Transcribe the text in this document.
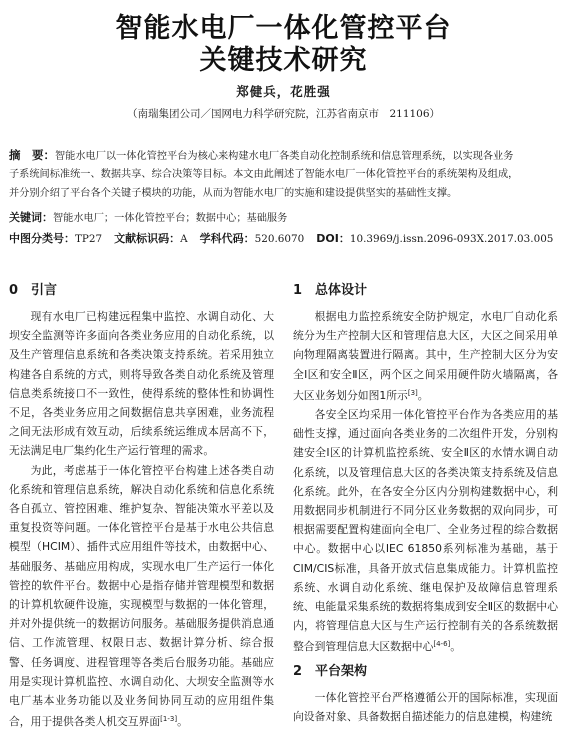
智能水电厂一体化管控平台
关键技术研究
郑健兵，花胜强
（南瑞集团公司／国网电力科学研究院，江苏省南京市　211106）
摘　要：智能水电厂以一体化管控平台为核心来构建水电厂各类自动化控制系统和信息管理系统，以实现各业务
子系统间标准统一、数据共享、综合决策等目标。本文由此阐述了智能水电厂一体化管控平台的系统架构及组成，
并分别介绍了平台各个关键子模块的功能，从而为智能水电厂的实施和建设提供坚实的基础性支撑。
关键词：智能水电厂；一体化管控平台；数据中心；基础服务
中图分类号：TP27 文献标识码：A 学科代码：520.6070 DOI：10.3969/j.issn.2096-093X.2017.03.005
0　引言

现有水电厂已构建远程集中监控、水调自动化、大坝安全监测等许多面向各类业务应用的自动化系统，以及生产管理信息系统和各类决策支持系统。若采用独立构建各自系统的方式，则将导致各类自动化系统及管理信息类系统接口不一致性，使得系统的整体性和协调性不足，各类业务应用之间数据信息共享困难，业务流程之间无法形成有效互动，后续系统运维成本居高不下，无法满足电厂集约化生产运行管理的需求。

为此，考虑基于一体化管控平台构建上述各类自动化系统和管理信息系统，解决自动化系统和信息化系统各自孤立、管控困难、维护复杂、智能决策水平差以及重复投资等问题。一体化管控平台是基于水电公共信息模型（HCIM）、插件式应用组件等技术，由数据中心、基础服务、基础应用构成，实现水电厂生产运行一体化管控的软件平台。数据中心是指存储并管理模型和数据的计算机软硬件设施，实现模型与数据的一体化管理，并对外提供统一的数据访问服务。基础服务提供消息通信、工作流管理、权限日志、数据计算分析、综合报警、任务调度、进程管理等各类后台服务功能。基础应用是实现计算机监控、水调自动化、大坝安全监测等水电厂基本业务功能以及业务间协同互动的应用组件集合，用于提供各类人机交互界面[1-3]。

1　总体设计

根据电力监控系统安全防护规定，水电厂自动化系统分为生产控制大区和管理信息大区，大区之间采用单向物理隔离装置进行隔离。其中，生产控制大区分为安全Ⅰ区和安全Ⅱ区，两个区之间采用硬件防火墙隔离，各大区业务划分如图1所示[3]。

各安全区均采用一体化管控平台作为各类应用的基础性支撑，通过面向各类业务的二次组件开发，分别构建安全Ⅰ区的计算机监控系统、安全Ⅱ区的水情水调自动化系统，以及管理信息大区的各类决策支持系统及信息化系统。此外，在各安全分区内分别构建数据中心，利用数据同步机制进行不同分区业务数据的双向同步，可根据需要配置构建面向全电厂、全业务过程的综合数据中心。数据中心以IEC 61850系列标准为基础，基于CIM/CIS标准，具备开放式信息集成能力。计算机监控系统、水调自动化系统、继电保护及故障信息管理系统、电能量采集系统的数据将集成到安全Ⅱ区的数据中心内，将管理信息大区与生产运行控制有关的各系统数据整合到管理信息大区数据中心[4-6]。

2　平台架构

一体化管控平台严格遵循公开的国际标准，实现面向设备对象、具备数据自描述能力的信息建模，构建统
